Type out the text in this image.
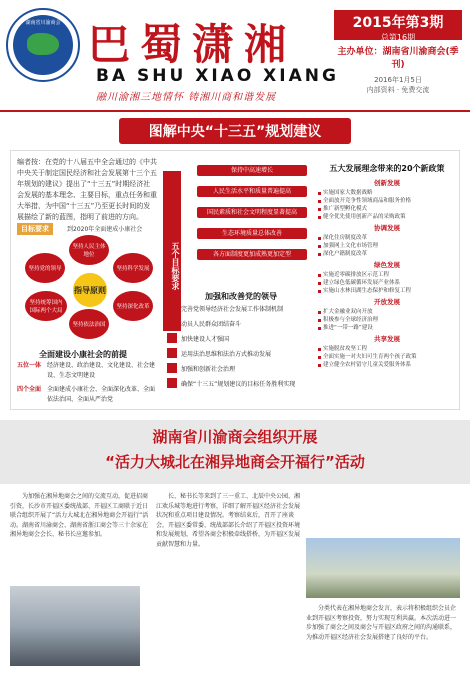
湖南省川渝商会 巴蜀潇湘
BA SHU XIAO XIANG
融川渝湘三地情怀 铸湘川商和谐发展
2015年第3期
总第16期
主办单位：湖南省川渝商会(季刊)
2016年1月5日
内部资料 · 免费交流
图解中央“十三五”规划建议
编者按：在党的十八届五中全会通过的《中共中央关于制定国民经济和社会发展第十三个五年规划的建议》提出了“十三五”时期经济社会发展的基本理念、主要目标，重点任务和重大举措，为中国“十三五”乃至更长时间的发展描绘了新的蓝图，指明了前进的方向。
目标要求	到2020年全面建成小康社会
坚持人民主体地位
坚持科学发展
坚持深化改革
坚持依法治国
坚持统筹国内国际两个大局
坚持党的领导
指导原则
全面建设小康社会的前提
五位一体 经济建设、政治建设、文化建设、社会建设、生态文明建设
四个全面 全面建成小康社会、全面深化改革、全面依法治国、全面从严治党
五个目标要求
保持中高速增长
人民生活水平和质量普遍提高
国民素质和社会文明程度显著提高
生态环境质量总体改善
各方面制度更加成熟更加定型
加强和改善党的领导
完善党领导经济社会发展工作体制机制
动员人民群众团结奋斗
加快建设人才强国
运用法治思维和法治方式推动发展
加强和创新社会治理
确保“十三五”规划建议的目标任务胜利实现
五大发展理念带来的20个新政策
创新发展
实施国家大数据战略
全面放开竞争性领域商品和服务价格
推广新型孵化模式
健全优先使用创新产品的采购政策
协调发展
深化住房制度改革
加强网上文化市场管理
深化户籍制度改革
绿色发展
实施近零碳排放区示范工程
建立绿色低碳循环发展产业体系
实施山水林田湖生态保护和修复工程
开放发展
扩大金融业双向开放
积极参与全球经济治理
推进“一带一路”建设
共享发展
实施脱贫攻坚工程
全面实施一对夫妇可生育两个孩子政策
建立健全农村留守儿童关爱服务体系
湖南省川渝商会组织开展
“活力大城北在湘异地商会开福行”活动
为加强在湘异地商会之间的交流互动，促进招商引资，长沙市开福区委统战部、开福区工商联于近日联合组织开展了“活力大城北在湘异地商会开福行”活动。湖南省川渝商会、湖南省浙江商会等三十余家在湘异地商会会长、秘书长应邀参加。
长、秘书长等来到了三一重工、北辰中央公园、湘江欢乐城等地进行考察，详细了解开福区经济社会发展状况和重点项目建设情况。考察结束后，召开了座谈会，开福区委常委、统战部部长介绍了开福区投资环境和发展规划，希望各商会积极牵线搭桥，为开福区发展贡献智慧和力量。
分类代表在湘异地商会发言，表示将积极组织会员企业到开福区考察投资，努力实现互利共赢。本次活动进一步加强了商会之间及商会与开福区政府之间的沟通联系，为推动开福区经济社会发展搭建了良好的平台。
